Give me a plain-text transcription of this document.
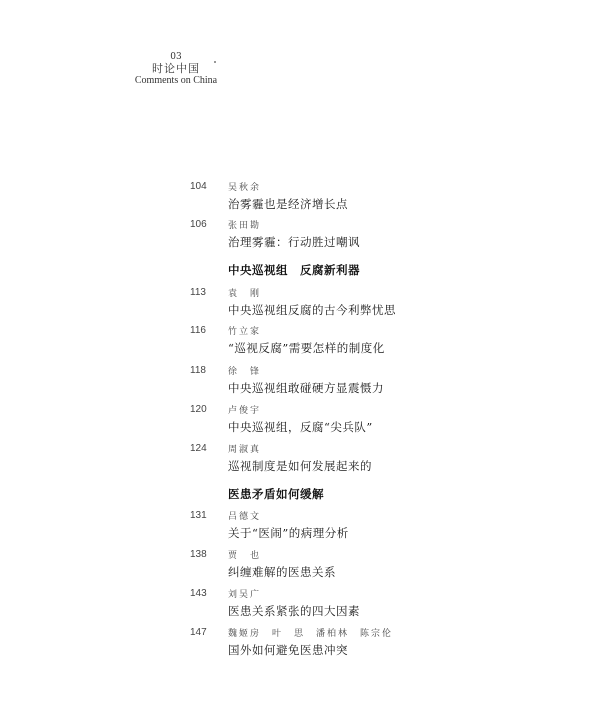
03
时论中国
Comments on China
104	吴秋余
治雾霾也是经济增长点
106	张田勘
治理雾霾：行动胜过嘲讽
中央巡视组　反腐新利器
113	袁　刚
中央巡视组反腐的古今利弊忧思
116	竹立家
“巡视反腐”需要怎样的制度化
118	徐　锋
中央巡视组敢碰硬方显震慑力
120	卢俊宇
中央巡视组，反腐“尖兵队”
124	周淑真
巡视制度是如何发展起来的
医患矛盾如何缓解
131	吕德文
关于“医闹”的病理分析
138	贾　也
纠缠难解的医患关系
143	刘吴广
医患关系紧张的四大因素
147	魏姬房　叶　思　潘柏林　陈宗伦
国外如何避免医患冲突
